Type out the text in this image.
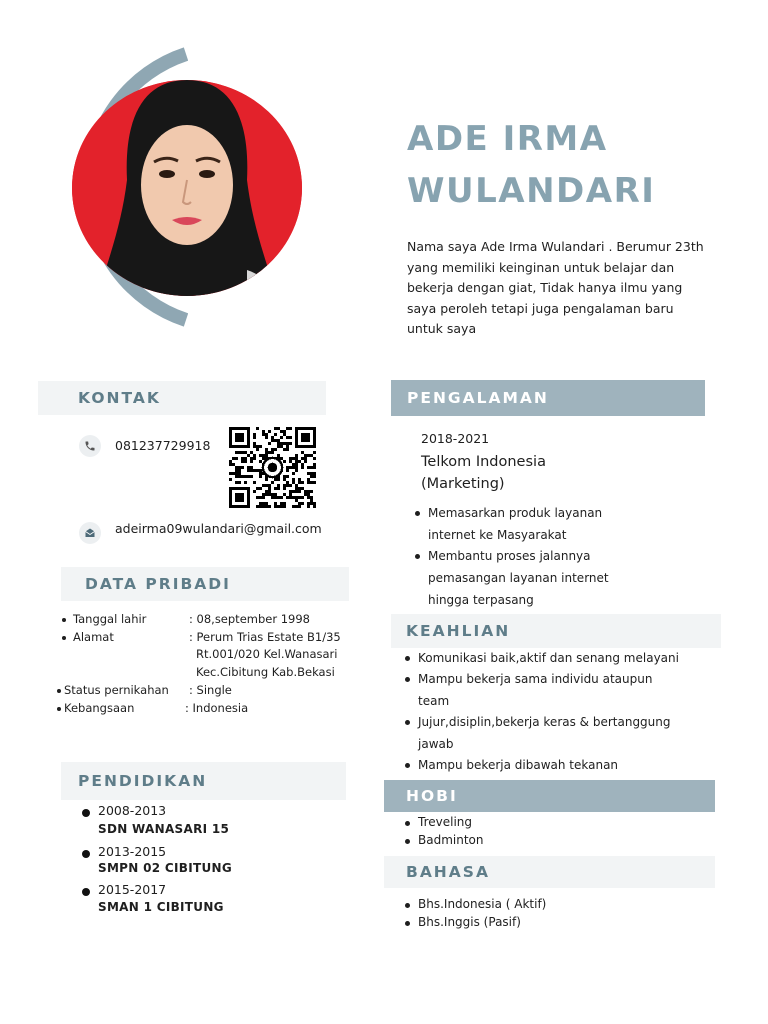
ADE IRMA
WULANDARI
Nama saya Ade Irma Wulandari . Berumur 23th yang memiliki keinginan untuk belajar dan bekerja dengan giat, Tidak hanya ilmu yang saya peroleh tetapi juga pengalaman baru untuk saya
KONTAK
081237729918
adeirma09wulandari@gmail.com
DATA PRIBADI
Tanggal lahir	: 08,september 1998
Alamat	: Perum Trias Estate B1/35
Rt.001/020 Kel.Wanasari
Kec.Cibitung Kab.Bekasi
Status pernikahan : Single
Kebangsaan	: Indonesia
PENDIDIKAN
2008-2013
SDN WANASARI 15
2013-2015
SMPN 02 CIBITUNG
2015-2017
SMAN 1 CIBITUNG
PENGALAMAN
2018-2021
Telkom Indonesia
(Marketing)
Memasarkan produk layanan
internet ke Masyarakat
Membantu proses jalannya
pemasangan layanan internet
hingga terpasang
KEAHLIAN
Komunikasi baik,aktif dan senang melayani
Mampu bekerja sama individu ataupun
team
Jujur,disiplin,bekerja keras & bertanggung
jawab
Mampu bekerja dibawah tekanan
HOBI
Treveling
Badminton
BAHASA
Bhs.Indonesia ( Aktif)
Bhs.Inggis (Pasif)
